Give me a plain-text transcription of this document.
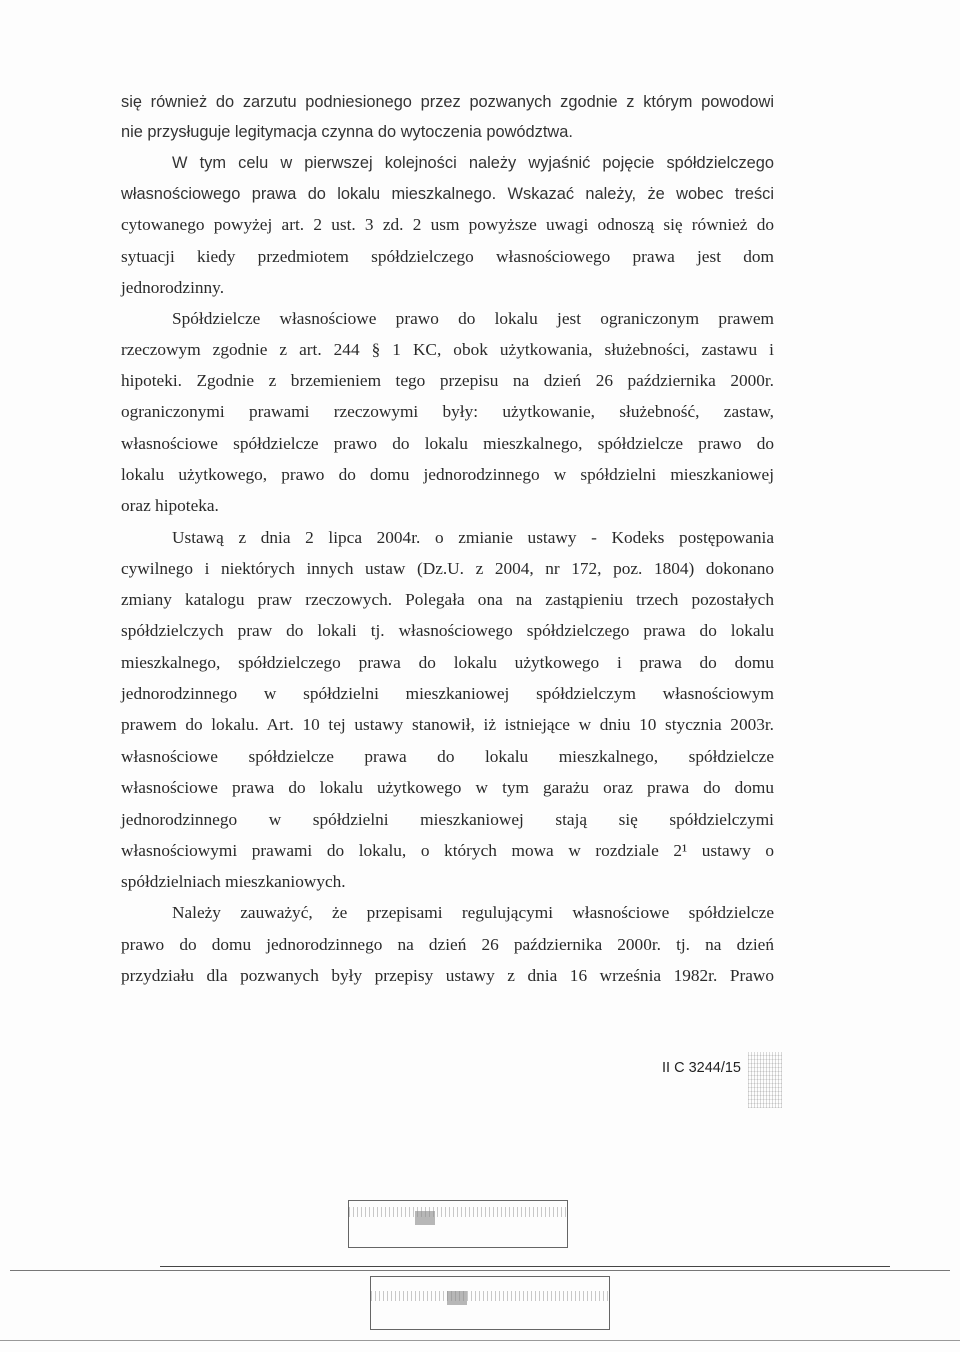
się również do zarzutu podniesionego przez pozwanych zgodnie z którym powodowi
nie przysługuje legitymacja czynna do wytoczenia powództwa.
W tym celu w pierwszej kolejności należy wyjaśnić pojęcie spółdzielczego
własnościowego prawa do lokalu mieszkalnego. Wskazać należy, że wobec treści
cytowanego powyżej art. 2 ust. 3 zd. 2 usm powyższe uwagi odnoszą się również do
sytuacji kiedy przedmiotem spółdzielczego własnościowego prawa jest dom
jednorodzinny.
Spółdzielcze własnościowe prawo do lokalu jest ograniczonym prawem
rzeczowym zgodnie z art. 244 § 1 KC, obok użytkowania, służebności, zastawu i
hipoteki. Zgodnie z brzemieniem tego przepisu na dzień 26 października 2000r.
ograniczonymi prawami rzeczowymi były: użytkowanie, służebność, zastaw,
własnościowe spółdzielcze prawo do lokalu mieszkalnego, spółdzielcze prawo do
lokalu użytkowego, prawo do domu jednorodzinnego w spółdzielni mieszkaniowej
oraz hipoteka.
Ustawą z dnia 2 lipca 2004r. o zmianie ustawy - Kodeks postępowania
cywilnego i niektórych innych ustaw (Dz.U. z 2004, nr 172, poz. 1804) dokonano
zmiany katalogu praw rzeczowych. Polegała ona na zastąpieniu trzech pozostałych
spółdzielczych praw do lokali tj. własnościowego spółdzielczego prawa do lokalu
mieszkalnego, spółdzielczego prawa do lokalu użytkowego i prawa do domu
jednorodzinnego w spółdzielni mieszkaniowej spółdzielczym własnościowym
prawem do lokalu. Art. 10 tej ustawy stanowił, iż istniejące w dniu 10 stycznia 2003r.
własnościowe spółdzielcze prawa do lokalu mieszkalnego, spółdzielcze
własnościowe prawa do lokalu użytkowego w tym garażu oraz prawa do domu
jednorodzinnego w spółdzielni mieszkaniowej stają się spółdzielczymi
własnościowymi prawami do lokalu, o których mowa w rozdziale 2¹ ustawy o
spółdzielniach mieszkaniowych.
Należy zauważyć, że przepisami regulującymi własnościowe spółdzielcze
prawo do domu jednorodzinnego na dzień 26 października 2000r. tj. na dzień
przydziału dla pozwanych były przepisy ustawy z dnia 16 września 1982r. Prawo
II C 3244/15
